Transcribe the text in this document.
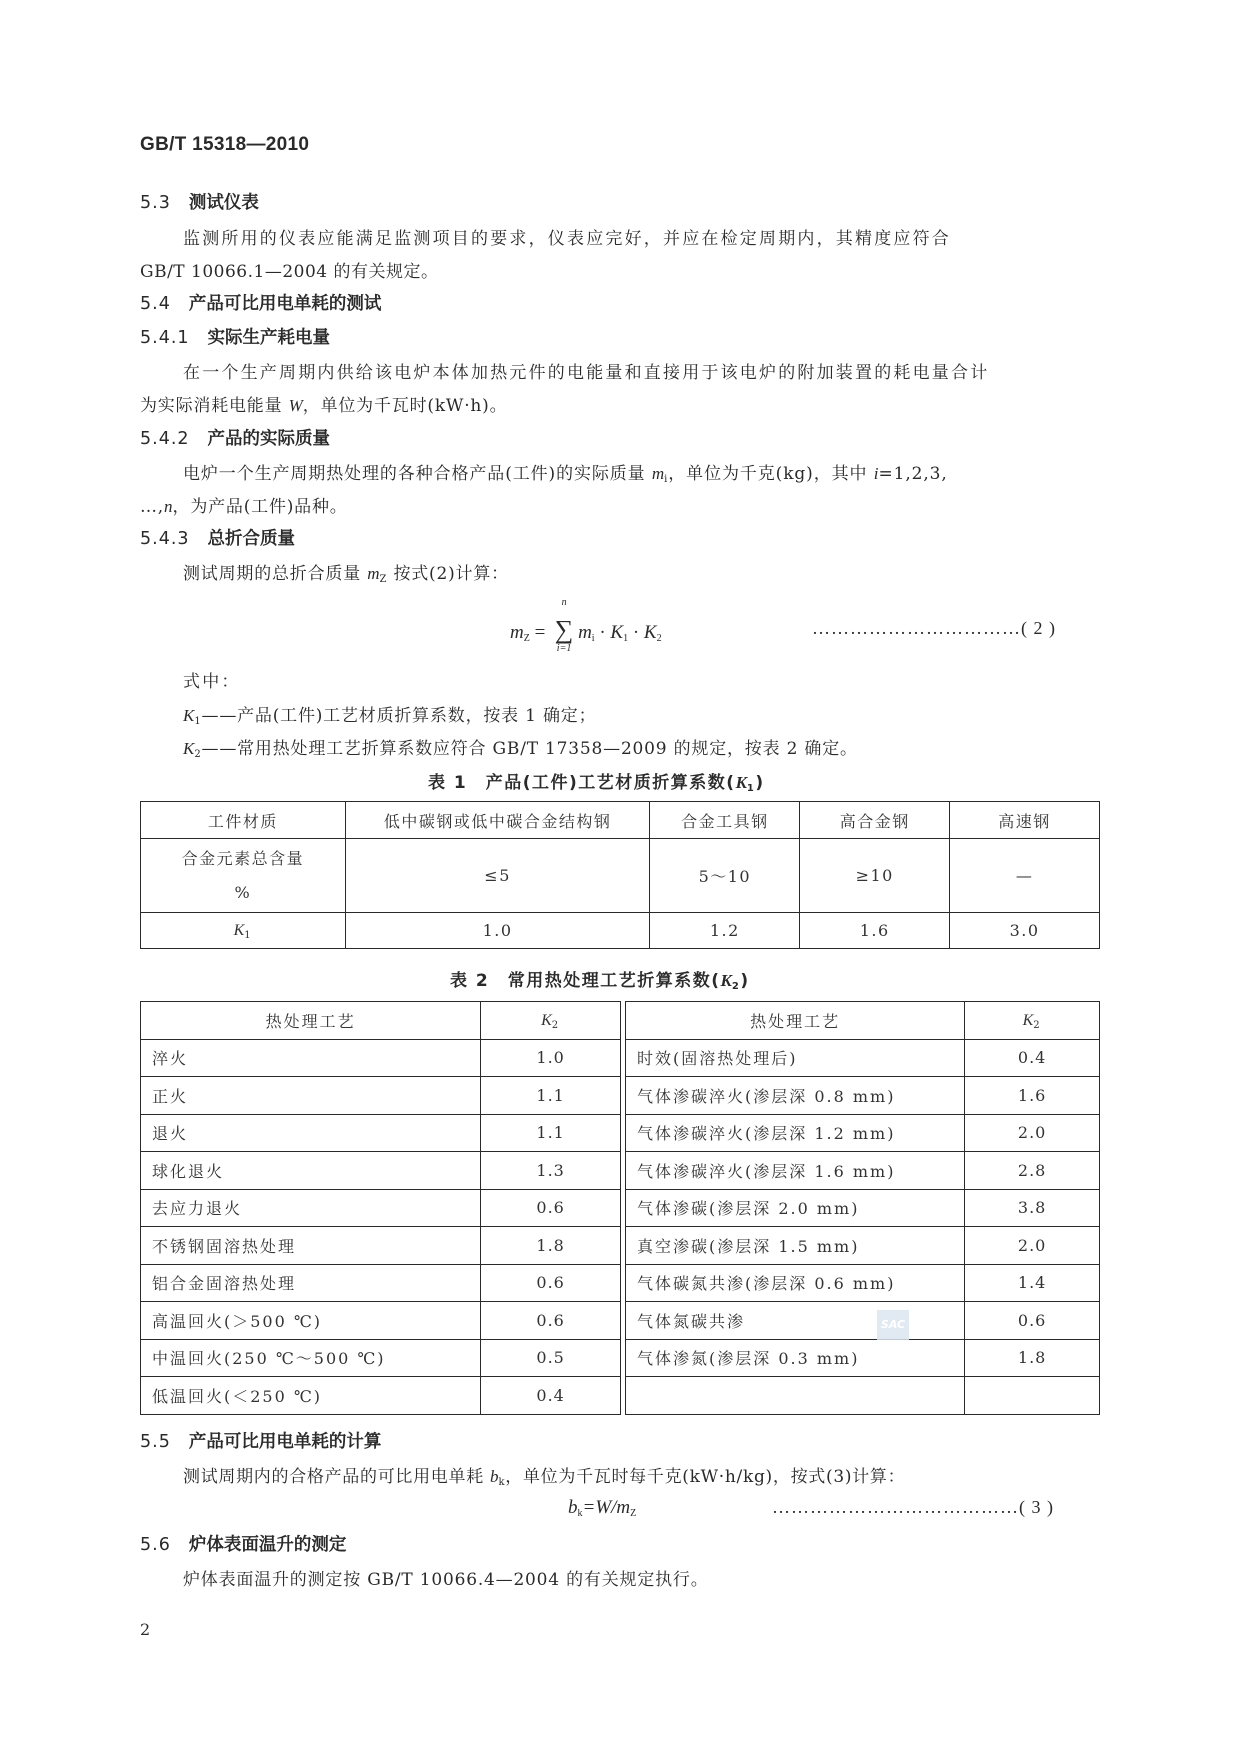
GB/T 15318—2010
5.3 测试仪表
监测所用的仪表应能满足监测项目的要求，仪表应完好，并应在检定周期内，其精度应符合
GB/T 10066.1—2004 的有关规定。
5.4 产品可比用电单耗的测试
5.4.1 实际生产耗电量
在一个生产周期内供给该电炉本体加热元件的电能量和直接用于该电炉的附加装置的耗电量合计
为实际消耗电能量 W，单位为千瓦时(kW·h)。
5.4.2 产品的实际质量
电炉一个生产周期热处理的各种合格产品(工件)的实际质量 $m_i$，单位为千克(kg)，其中 i=1,2,3,
…,n，为产品(工件)品种。
5.4.3 总折合质量
测试周期的总折合质量 $m_Z$ 按式(2)计算：
$m_Z$ =
n
∑
i=1
$m_i \cdot K_1 \cdot K_2$
……………………………( 2 )
式中：
$K_1——$产品(工件)工艺材质折算系数，按表 1 确定；
$K_2——$常用热处理工艺折算系数应符合 GB/T 17358—2009 的规定，按表 2 确定。
表 1　产品(工件)工艺材质折算系数$(K_1)$
工件材质	低中碳钢或低中碳合金结构钢	合金工具钢	高合金钢	高速钢

合金元素总含量
%	≤5	5～10	≥10	—
$K_1$	1.0	1.2	1.6	3.0
表 2　常用热处理工艺折算系数$(K_2)$
热处理工艺	$K_2$
淬火	1.0
正火	1.1
退火	1.1
球化退火	1.3
去应力退火	0.6
不锈钢固溶热处理	1.8
铝合金固溶热处理	0.6
高温回火(＞500 ℃)	0.6
中温回火(250 ℃～500 ℃)	0.5
低温回火(＜250 ℃)	0.4
热处理工艺	$K_2$
时效(固溶热处理后)	0.4
气体渗碳淬火(渗层深 0.8 mm)	1.6
气体渗碳淬火(渗层深 1.2 mm)	2.0
气体渗碳淬火(渗层深 1.6 mm)	2.8
气体渗碳(渗层深 2.0 mm)	3.8
真空渗碳(渗层深 1.5 mm)	2.0
气体碳氮共渗(渗层深 0.6 mm)	1.4
气体氮碳共渗	0.6
气体渗氮(渗层深 0.3 mm)	1.8

SAC
5.5 产品可比用电单耗的计算
测试周期内的合格产品的可比用电单耗 $b_k$，单位为千瓦时每千克(kW·h/kg)，按式(3)计算：
$b_k=W/m_Z$	…………………………………( 3 )
5.6 炉体表面温升的测定
炉体表面温升的测定按 GB/T 10066.4—2004 的有关规定执行。
2
